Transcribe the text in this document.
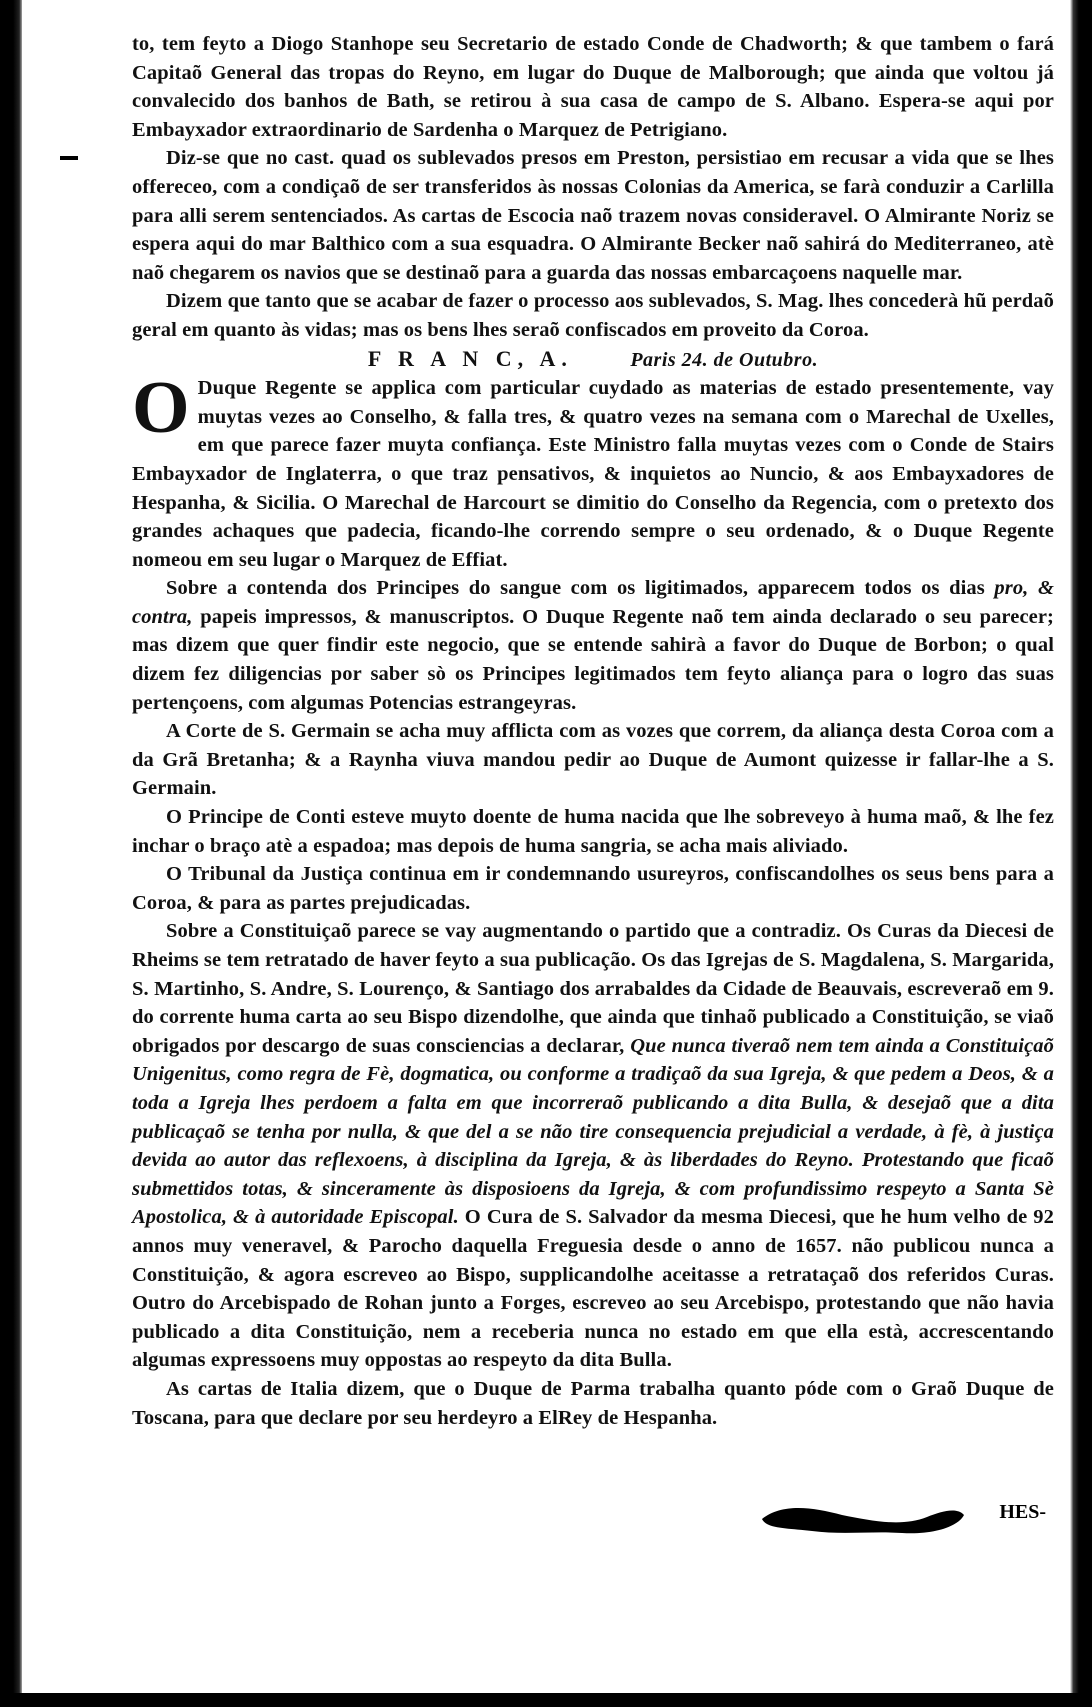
to, tem feyto a Diogo Stanhope seu Secretario de estado Conde de Chadworth; & que tambem o fará Capitaõ General das tropas do Reyno, em lugar do Duque de Malborough; que ainda que voltou já convalecido dos banhos de Bath, se retirou à sua casa de campo de S. Albano. Espera-se aqui por Embayxador extraordinario de Sardenha o Marquez de Petrigiano.

Diz-se que no cast. quad os sublevados presos em Preston, persistiao em recusar a vida que se lhes offereceo, com a condiçaõ de ser transferidos às nossas Colonias da America, se farà conduzir a Carlilla para alli serem sentenciados. As cartas de Escocia naõ trazem novas consideravel. O Almirante Noriz se espera aqui do mar Balthico com a sua esquadra. O Almirante Becker naõ sahirá do Mediterraneo, atè naõ chegarem os navios que se destinaõ para a guarda das nossas embarcaçoens naquelle mar.

Dizem que tanto que se acabar de fazer o processo aos sublevados, S. Mag. lhes concederà hũ perdaõ geral em quanto às vidas; mas os bens lhes seraõ confiscados em proveito da Coroa.

F R A N C, A.	Paris 24. de Outubro.

O Duque Regente se applica com particular cuydado as materias de estado presentemente, vay muytas vezes ao Conselho, & falla tres, & quatro vezes na semana com o Marechal de Uxelles, em que parece fazer muyta confiança. Este Ministro falla muytas vezes com o Conde de Stairs Embayxador de Inglaterra, o que traz pensativos, & inquietos ao Nuncio, & aos Embayxadores de Hespanha, & Sicilia. O Marechal de Harcourt se dimitio do Conselho da Regencia, com o pretexto dos grandes achaques que padecia, ficando-lhe correndo sempre o seu ordenado, & o Duque Regente nomeou em seu lugar o Marquez de Effiat.

Sobre a contenda dos Principes do sangue com os ligitimados, apparecem todos os dias pro, & contra, papeis impressos, & manuscriptos. O Duque Regente naõ tem ainda declarado o seu parecer; mas dizem que quer findir este negocio, que se entende sahirà a favor do Duque de Borbon; o qual dizem fez diligencias por saber sò os Principes legitimados tem feyto aliança para o logro das suas pertençoens, com algumas Potencias estrangeyras.

A Corte de S. Germain se acha muy afflicta com as vozes que correm, da aliança desta Coroa com a da Grã Bretanha; & a Raynha viuva mandou pedir ao Duque de Aumont quizesse ir fallar-lhe a S. Germain.

O Principe de Conti esteve muyto doente de huma nacida que lhe sobreveyo à huma maõ, & lhe fez inchar o braço atè a espadoa; mas depois de huma sangria, se acha mais aliviado.

O Tribunal da Justiça continua em ir condemnando usureyros, confiscandolhes os seus bens para a Coroa, & para as partes prejudicadas.

Sobre a Constituiçaõ parece se vay augmentando o partido que a contradiz. Os Curas da Diecesi de Rheims se tem retratado de haver feyto a sua publicação. Os das Igrejas de S. Magdalena, S. Margarida, S. Martinho, S. Andre, S. Lourenço, & Santiago dos arrabaldes da Cidade de Beauvais, escreveraõ em 9. do corrente huma carta ao seu Bispo dizendolhe, que ainda que tinhaõ publicado a Constituição, se viaõ obrigados por descargo de suas consciencias a declarar, Que nunca tiveraõ nem tem ainda a Constituiçaõ Unigenitus, como regra de Fè, dogmatica, ou conforme a tradiçaõ da sua Igreja, & que pedem a Deos, & a toda a Igreja lhes perdoem a falta em que incorreraõ publicando a dita Bulla, & desejaõ que a dita publicaçaõ se tenha por nulla, & que del a se não tire consequencia prejudicial a verdade, à fè, à justiça devida ao autor das reflexoens, à disciplina da Igreja, & às liberdades do Reyno. Protestando que ficaõ submettidos totas, & sinceramente às disposioens da Igreja, & com profundissimo respeyto a Santa Sè Apostolica, & à autoridade Episcopal. O Cura de S. Salvador da mesma Diecesi, que he hum velho de 92 annos muy veneravel, & Parocho daquella Freguesia desde o anno de 1657. não publicou nunca a Constituição, & agora escreveo ao Bispo, supplicandolhe aceitasse a retrataçaõ dos referidos Curas. Outro do Arcebispado de Rohan junto a Forges, escreveo ao seu Arcebispo, protestando que não havia publicado a dita Constituição, nem a receberia nunca no estado em que ella està, accrescentando algumas expressoens muy oppostas ao respeyto da dita Bulla.

As cartas de Italia dizem, que o Duque de Parma trabalha quanto póde com o Graõ Duque de Toscana, para que declare por seu herdeyro a ElRey de Hespanha.

HES-
